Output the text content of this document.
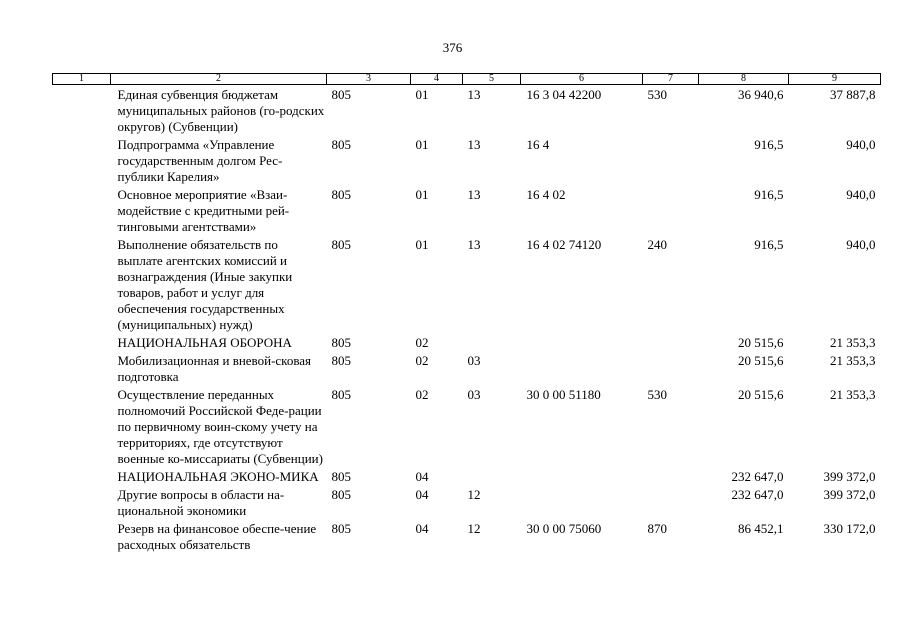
376
1	2	3	4	5	6	7	8	9
	Единая субвенция бюджетам муниципальных районов (го-родских округов) (Субвенции)	805	01	13	16 3 04 42200	530	36 940,6	37 887,8
	Подпрограмма «Управление государственным долгом Рес-публики Карелия»	805	01	13	16 4		916,5	940,0
	Основное мероприятие «Взаи-модействие с кредитными рей-тинговыми агентствами»	805	01	13	16 4 02		916,5	940,0
	Выполнение обязательств по выплате агентских комиссий и вознаграждения (Иные закупки товаров, работ и услуг для обеспечения государственных (муниципальных) нужд)	805	01	13	16 4 02 74120	240	916,5	940,0
	НАЦИОНАЛЬНАЯ ОБОРОНА	805	02				20 515,6	21 353,3
	Мобилизационная и вневой-сковая подготовка	805	02	03			20 515,6	21 353,3
	Осуществление переданных полномочий Российской Феде-рации по первичному воин-скому учету на территориях, где отсутствуют военные ко-миссариаты (Субвенции)	805	02	03	30 0 00 51180	530	20 515,6	21 353,3
	НАЦИОНАЛЬНАЯ ЭКОНО-МИКА	805	04				232 647,0	399 372,0
	Другие вопросы в области на-циональной экономики	805	04	12			232 647,0	399 372,0
	Резерв на финансовое обеспе-чение расходных обязательств	805	04	12	30 0 00 75060	870	86 452,1	330 172,0
